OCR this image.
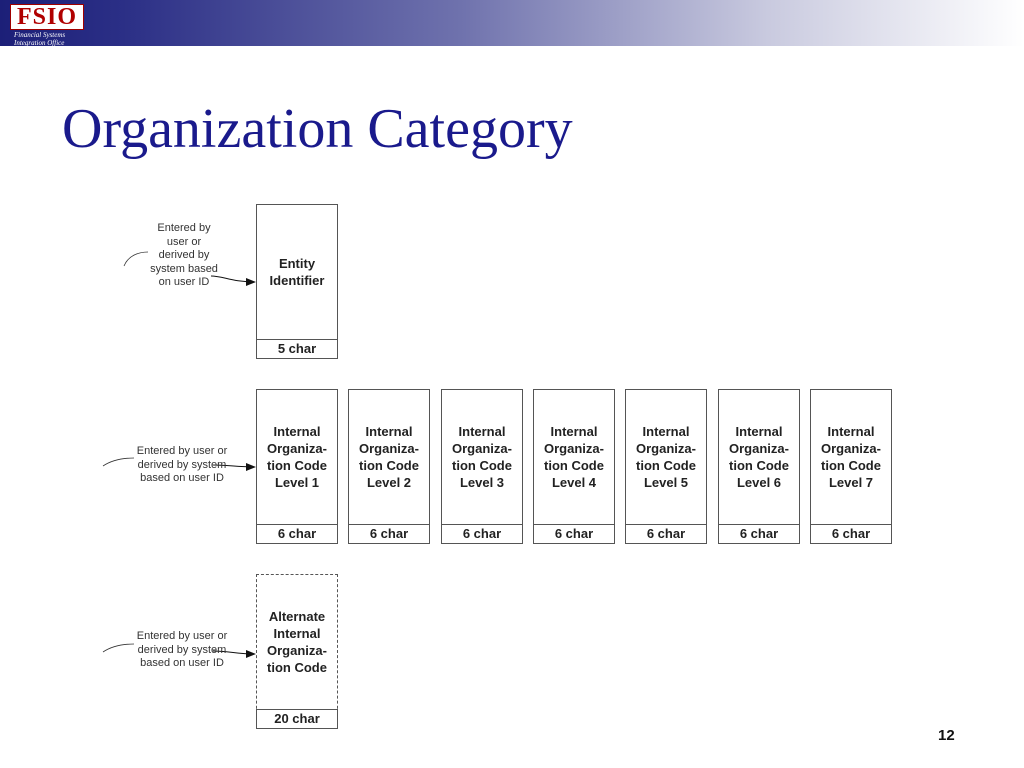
FSIO
Financial Systems
Integration Office
Organization Category
Entered by
user or
derived by
system based
on user ID
Entered by user or
derived by system
based on user ID
Entered by user or
derived by system
based on user ID
Entity
Identifier
5 char
Internal
Organiza-
tion Code
Level 1
6 char
Internal
Organiza-
tion Code
Level 2
6 char
Internal
Organiza-
tion Code
Level 3
6 char
Internal
Organiza-
tion Code
Level 4
6 char
Internal
Organiza-
tion Code
Level 5
6 char
Internal
Organiza-
tion Code
Level 6
6 char
Internal
Organiza-
tion Code
Level 7
6 char
Alternate
Internal
Organiza-
tion Code
20 char
12
